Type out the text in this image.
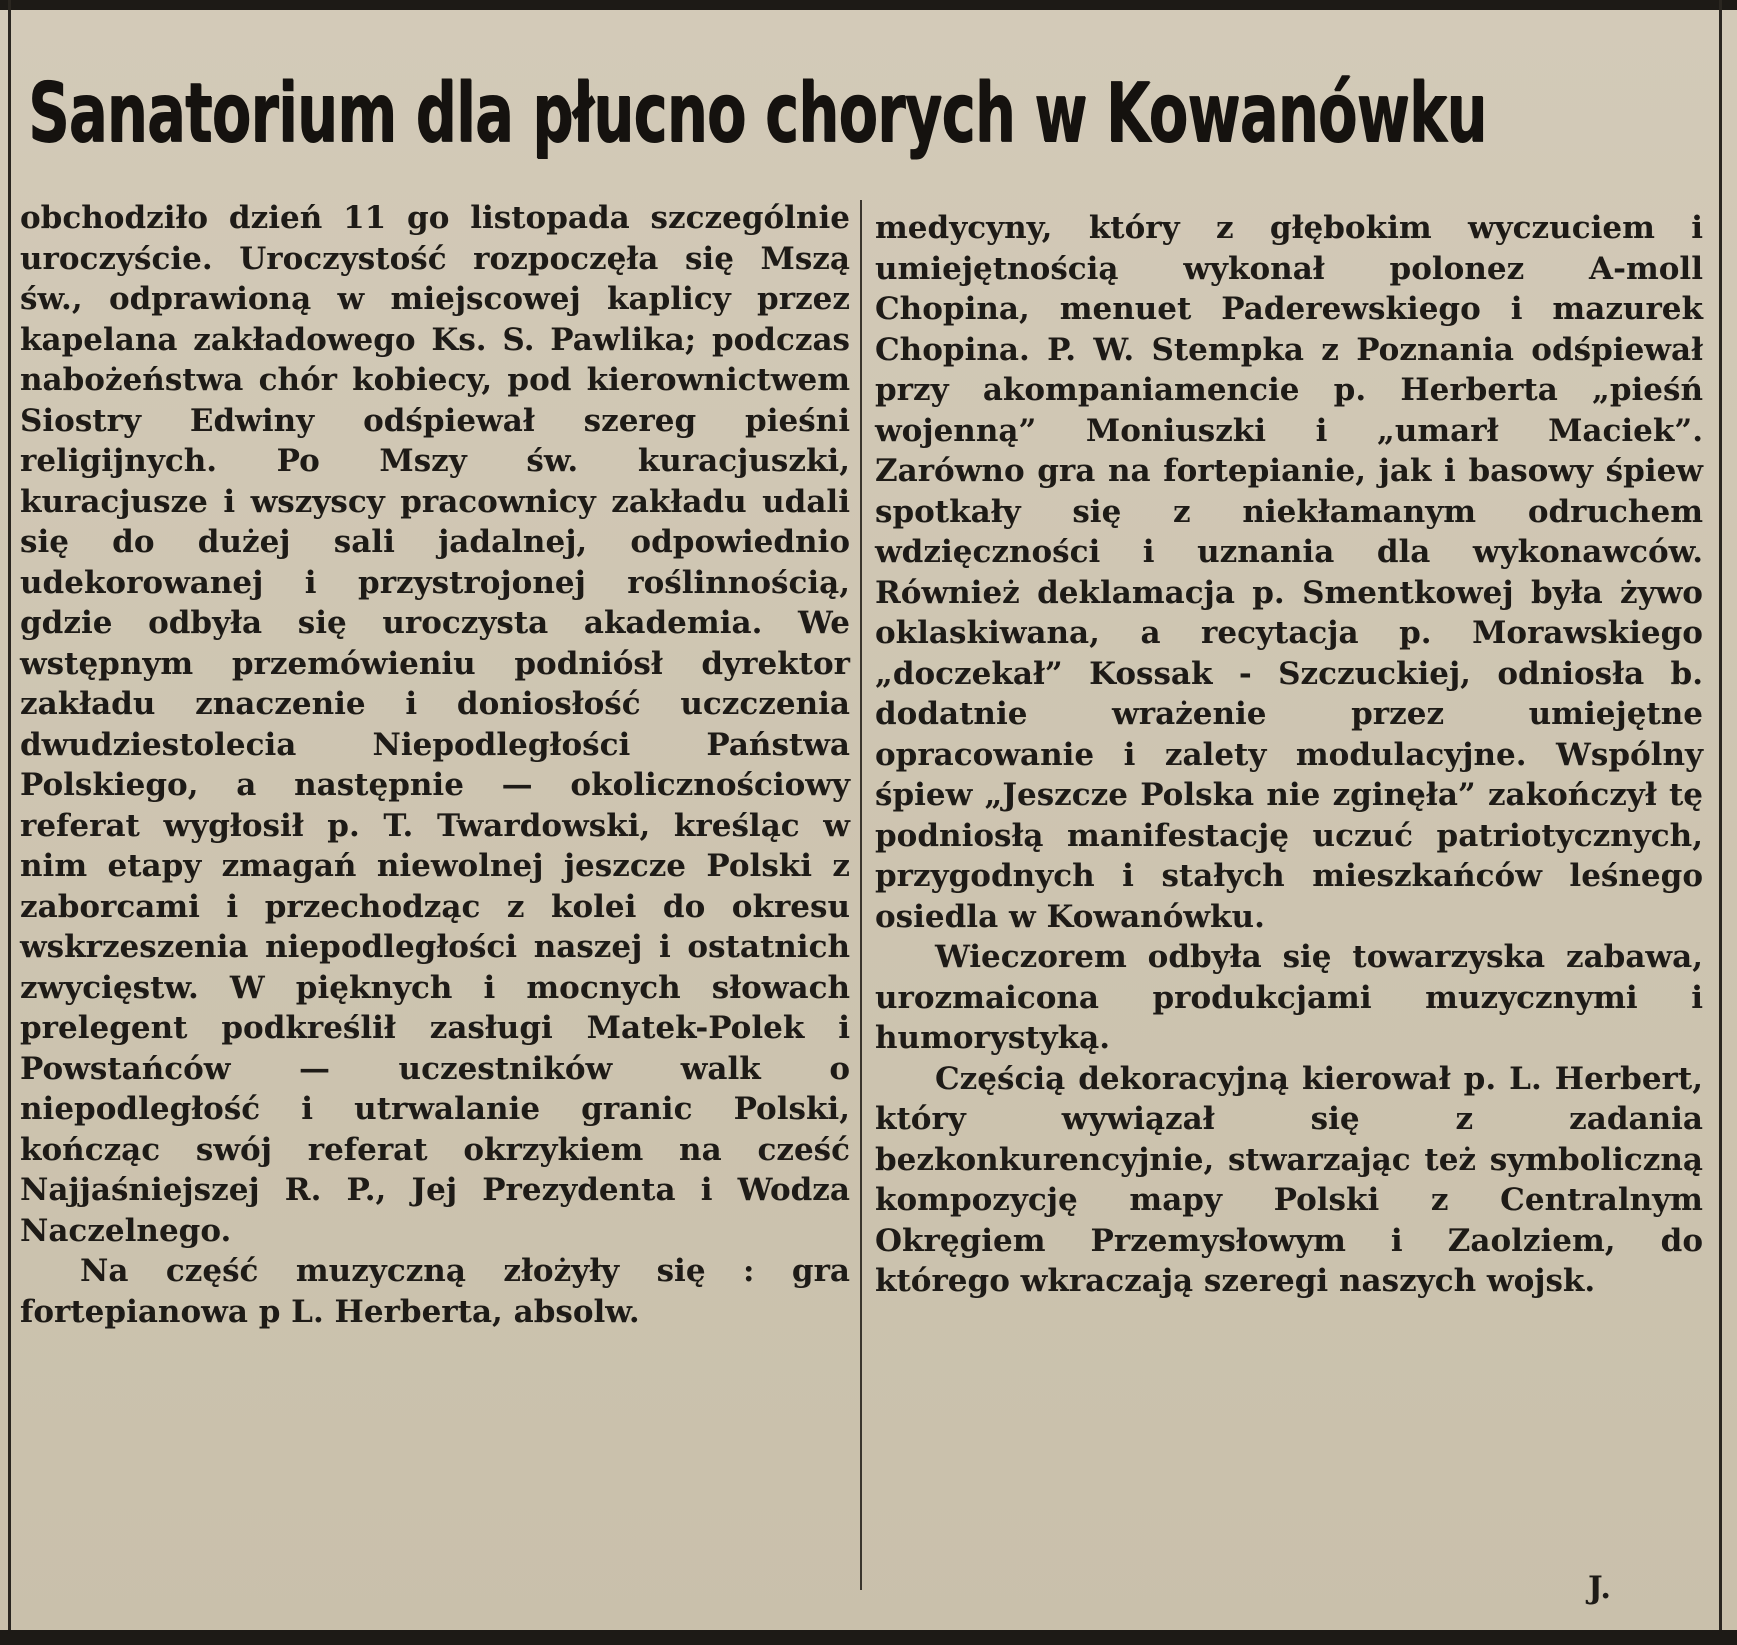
Sanatorium dla płucno chorych w Kowanówku

obchodziło dzień 11 go listopada szczególnie uroczyście. Uroczystość rozpoczęła się Mszą św., odprawioną w miejscowej kaplicy przez kapelana zakładowego Ks. S. Pawlika; podczas nabożeństwa chór kobiecy, pod kierownictwem Siostry Edwiny odśpiewał szereg pieśni religijnych. Po Mszy św. kuracjuszki, kuracjusze i wszyscy pracownicy zakładu udali się do dużej sali jadalnej, odpowiednio udekorowanej i przystrojonej roślinnością, gdzie odbyła się uroczysta akademia. We wstępnym przemówieniu podniósł dyrektor zakładu znaczenie i doniosłość uczczenia dwudziestolecia Niepodległości Państwa Polskiego, a następnie — okolicznościowy referat wygłosił p. T. Twardowski, kreśląc w nim etapy zmagań niewolnej jeszcze Polski z zaborcami i przechodząc z kolei do okresu wskrzeszenia niepodległości naszej i ostatnich zwycięstw. W pięknych i mocnych słowach prelegent podkreślił zasługi Matek-Polek i Powstańców — uczestników walk o niepodległość i utrwalanie granic Polski, kończąc swój referat okrzykiem na cześć Najjaśniejszej R. P., Jej Prezydenta i Wodza Naczelnego.

Na część muzyczną złożyły się : gra fortepianowa p L. Herberta, absolw.

medycyny, który z głębokim wyczuciem i umiejętnością wykonał polonez A-moll Chopina, menuet Paderewskiego i mazurek Chopina. P. W. Stempka z Poznania odśpiewał przy akompaniamencie p. Herberta „pieśń wojenną” Moniuszki i „umarł Maciek”. Zarówno gra na fortepianie, jak i basowy śpiew spotkały się z niekłamanym odruchem wdzięczności i uznania dla wykonawców. Również deklamacja p. Smentkowej była żywo oklaskiwana, a recytacja p. Morawskiego „doczekał” Kossak - Szczuckiej, odniosła b. dodatnie wrażenie przez umiejętne opracowanie i zalety modulacyjne. Wspólny śpiew „Jeszcze Polska nie zginęła” zakończył tę podniosłą manifestację uczuć patriotycznych, przygodnych i stałych mieszkańców leśnego osiedla w Kowanówku.

Wieczorem odbyła się towarzyska zabawa, urozmaicona produkcjami muzycznymi i humorystyką.

Częścią dekoracyjną kierował p. L. Herbert, który wywiązał się z zadania bezkonkurencyjnie, stwarzając też symboliczną kompozycję mapy Polski z Centralnym Okręgiem Przemysłowym i Zaolziem, do którego wkraczają szeregi naszych wojsk.

J.
